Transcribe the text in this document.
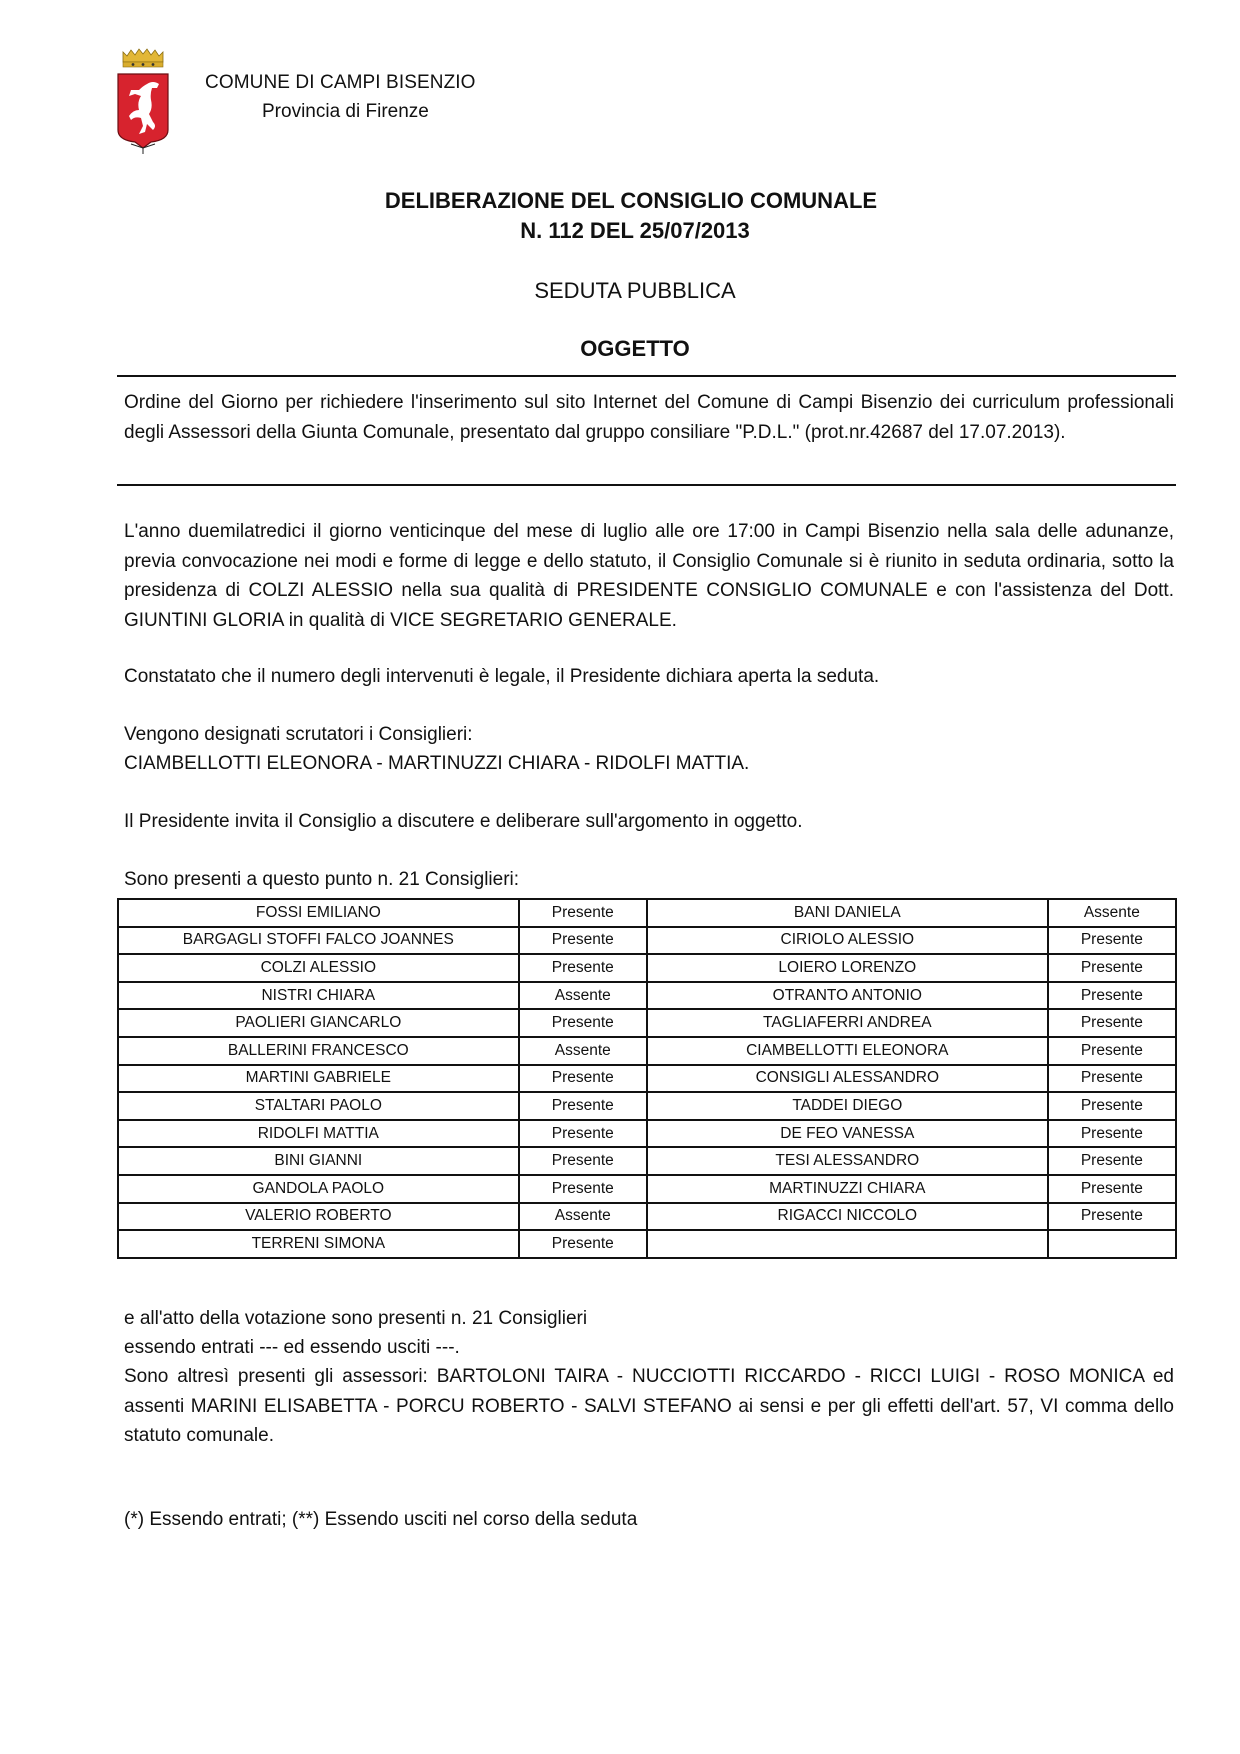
COMUNE DI CAMPI BISENZIO
Provincia di Firenze
DELIBERAZIONE DEL CONSIGLIO COMUNALE
N. 112 DEL 25/07/2013
SEDUTA PUBBLICA
OGGETTO
Ordine del Giorno per richiedere l'inserimento sul sito Internet del Comune di Campi Bisenzio dei curriculum professionali degli Assessori della Giunta Comunale, presentato dal gruppo consiliare "P.D.L." (prot.nr.42687 del 17.07.2013).
L'anno duemilatredici il giorno venticinque del mese di luglio alle ore 17:00 in Campi Bisenzio nella sala delle adunanze, previa convocazione nei modi e forme di legge e dello statuto, il Consiglio Comunale si è riunito in seduta ordinaria, sotto la presidenza di COLZI ALESSIO nella sua qualità di PRESIDENTE CONSIGLIO COMUNALE e con l'assistenza del Dott. GIUNTINI GLORIA in qualità di VICE SEGRETARIO GENERALE.
Constatato che il numero degli intervenuti è legale, il Presidente dichiara aperta la seduta.
Vengono designati scrutatori i Consiglieri:
CIAMBELLOTTI ELEONORA - MARTINUZZI CHIARA - RIDOLFI MATTIA.
Il Presidente invita il Consiglio a discutere e deliberare sull'argomento in oggetto.
Sono presenti a questo punto n. 21 Consiglieri:
FOSSI EMILIANO	Presente	BANI DANIELA	Assente
BARGAGLI STOFFI FALCO JOANNES	Presente	CIRIOLO ALESSIO	Presente
COLZI ALESSIO	Presente	LOIERO LORENZO	Presente
NISTRI CHIARA	Assente	OTRANTO ANTONIO	Presente
PAOLIERI GIANCARLO	Presente	TAGLIAFERRI ANDREA	Presente
BALLERINI FRANCESCO	Assente	CIAMBELLOTTI ELEONORA	Presente
MARTINI GABRIELE	Presente	CONSIGLI ALESSANDRO	Presente
STALTARI PAOLO	Presente	TADDEI DIEGO	Presente
RIDOLFI MATTIA	Presente	DE FEO VANESSA	Presente
BINI GIANNI	Presente	TESI ALESSANDRO	Presente
GANDOLA PAOLO	Presente	MARTINUZZI CHIARA	Presente
VALERIO ROBERTO	Assente	RIGACCI NICCOLO	Presente
TERRENI SIMONA	Presente		
e all'atto della votazione sono presenti n. 21 Consiglieri
essendo entrati --- ed essendo usciti ---.
Sono altresì presenti gli assessori: BARTOLONI TAIRA - NUCCIOTTI RICCARDO - RICCI LUIGI - ROSO MONICA ed assenti MARINI ELISABETTA - PORCU ROBERTO - SALVI STEFANO ai sensi e per gli effetti dell'art. 57, VI comma dello statuto comunale.
(*) Essendo entrati; (**) Essendo usciti nel corso della seduta
